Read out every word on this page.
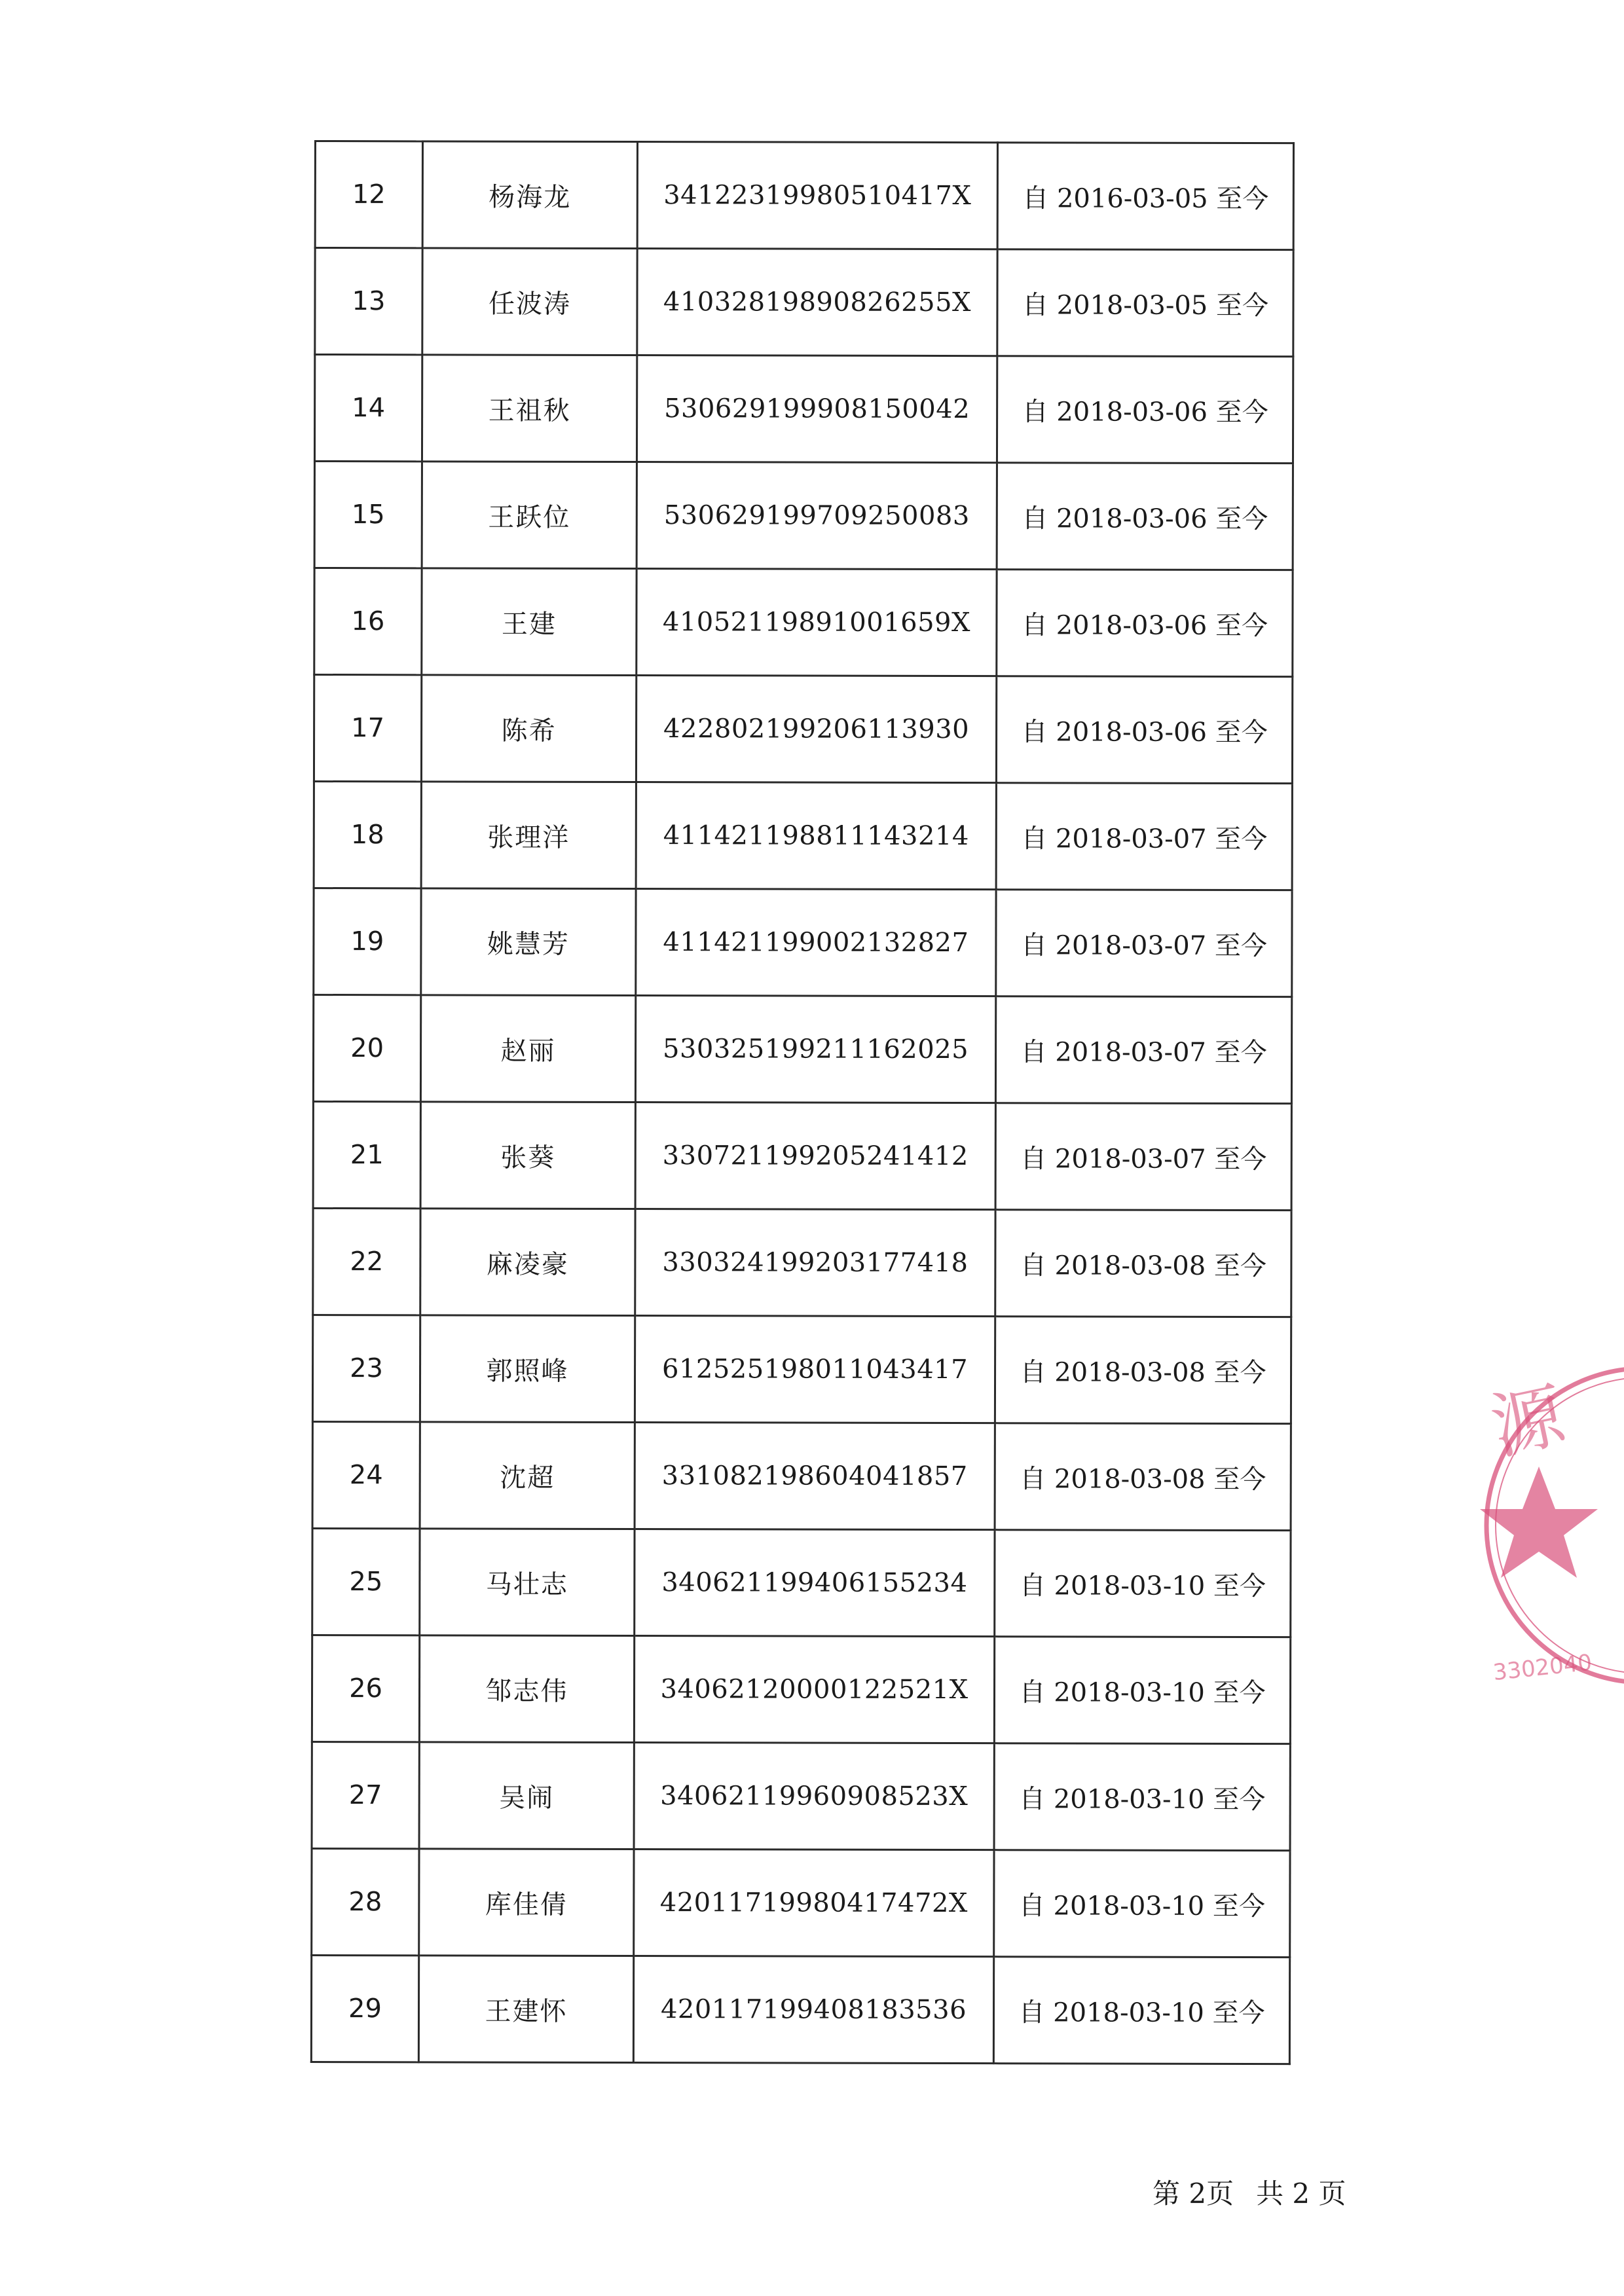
12	杨海龙	34122319980510417X	自 2016-03-05 至今
13	任波涛	41032819890826255X	自 2018-03-05 至今
14	王祖秋	530629199908150042	自 2018-03-06 至今
15	王跃位	530629199709250083	自 2018-03-06 至今
16	王建	41052119891001659X	自 2018-03-06 至今
17	陈希	422802199206113930	自 2018-03-06 至今
18	张理洋	411421198811143214	自 2018-03-07 至今
19	姚慧芳	411421199002132827	自 2018-03-07 至今
20	赵丽	530325199211162025	自 2018-03-07 至今
21	张葵	330721199205241412	自 2018-03-07 至今
22	麻凌豪	330324199203177418	自 2018-03-08 至今
23	郭照峰	612525198011043417	自 2018-03-08 至今
24	沈超	331082198604041857	自 2018-03-08 至今
25	马壮志	340621199406155234	自 2018-03-10 至今
26	邹志伟	34062120000122521X	自 2018-03-10 至今
27	吴闹	34062119960908523X	自 2018-03-10 至今
28	库佳倩	42011719980417472X	自 2018-03-10 至今
29	王建怀	420117199408183536	自 2018-03-10 至今
第 2页 共 2 页
源
3302040
